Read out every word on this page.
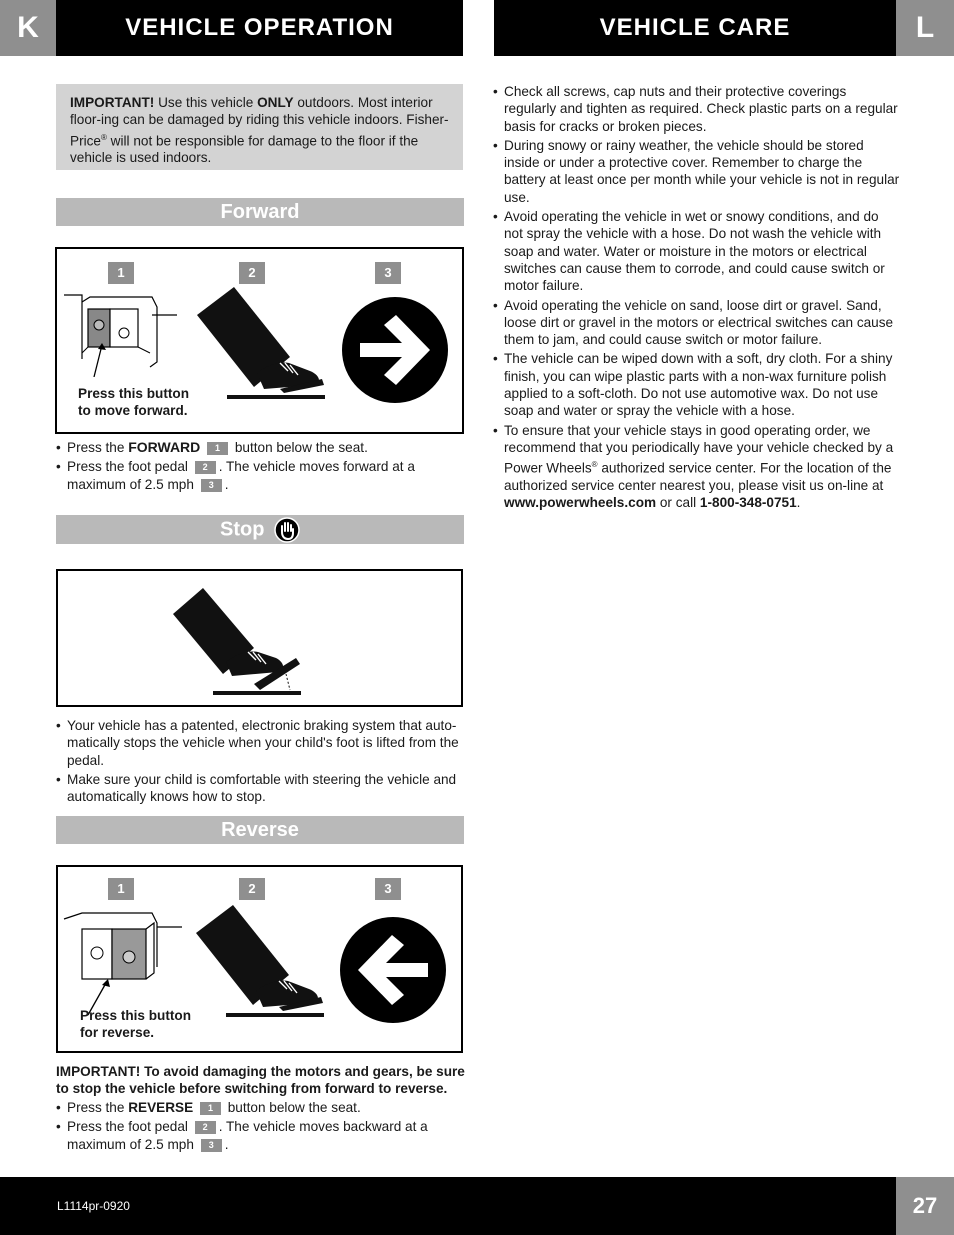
K	VEHICLE OPERATION	VEHICLE CARE	L
IMPORTANT! Use this vehicle ONLY outdoors. Most interior floor-ing can be damaged by riding this vehicle indoors. Fisher-Price® will not be responsible for damage to the floor if the vehicle is used indoors.
Forward
1	2	3
Press this button
to move forward.
• Press the FORWARD 1 button below the seat.
• Press the foot pedal 2 . The vehicle moves forward at a maximum of 2.5 mph 3 .
Stop
• Your vehicle has a patented, electronic braking system that auto-matically stops the vehicle when your child's foot is lifted from the pedal.
• Make sure your child is comfortable with steering the vehicle and automatically knows how to stop.
Reverse
1	2	3
Press this button
for reverse.
IMPORTANT! To avoid damaging the motors and gears, be sure to stop the vehicle before switching from forward to reverse.
• Press the REVERSE 1 button below the seat.
• Press the foot pedal 2 . The vehicle moves backward at a maximum of 2.5 mph 3 .
• Check all screws, cap nuts and their protective coverings regularly and tighten as required. Check plastic parts on a regular basis for cracks or broken pieces.
• During snowy or rainy weather, the vehicle should be stored inside or under a protective cover. Remember to charge the battery at least once per month while your vehicle is not in regular use.
• Avoid operating the vehicle in wet or snowy conditions, and do not spray the vehicle with a hose. Do not wash the vehicle with soap and water. Water or moisture in the motors or electrical switches can cause them to corrode, and could cause switch or motor failure.
• Avoid operating the vehicle on sand, loose dirt or gravel. Sand, loose dirt or gravel in the motors or electrical switches can cause them to jam, and could cause switch or motor failure.
• The vehicle can be wiped down with a soft, dry cloth. For a shiny finish, you can wipe plastic parts with a non-wax furniture polish applied to a soft-cloth. Do not use automotive wax. Do not use soap and water or spray the vehicle with a hose.
• To ensure that your vehicle stays in good operating order, we recommend that you periodically have your vehicle checked by a Power Wheels® authorized service center. For the location of the authorized service center nearest you, please visit us on-line at www.powerwheels.com or call 1-800-348-0751.
L1114pr-0920	27
